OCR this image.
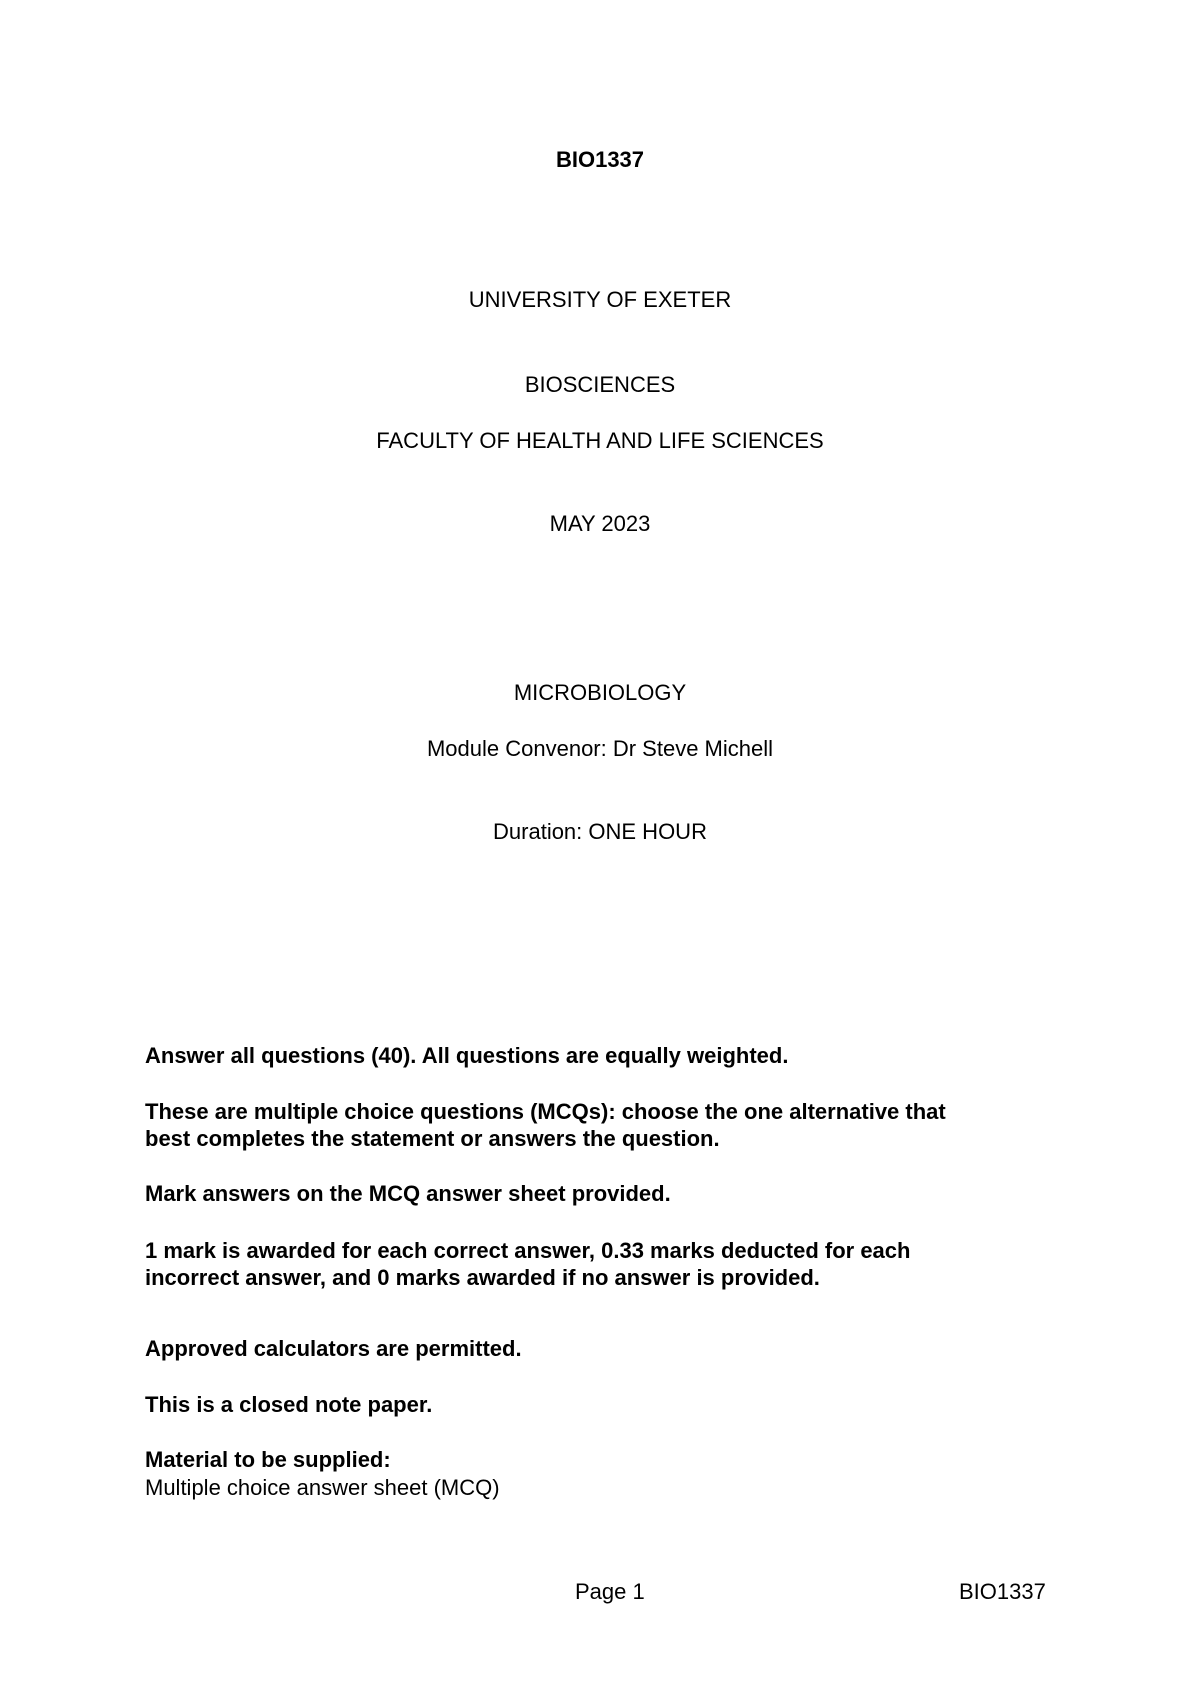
BIO1337

UNIVERSITY OF EXETER

BIOSCIENCES

FACULTY OF HEALTH AND LIFE SCIENCES

MAY 2023

MICROBIOLOGY

Module Convenor: Dr Steve Michell

Duration: ONE HOUR

Answer all questions (40). All questions are equally weighted.

These are multiple choice questions (MCQs): choose the one alternative that

best completes the statement or answers the question.

Mark answers on the MCQ answer sheet provided.

1 mark is awarded for each correct answer, 0.33 marks deducted for each

incorrect answer, and 0 marks awarded if no answer is provided.

Approved calculators are permitted.

This is a closed note paper.

Material to be supplied:

Multiple choice answer sheet (MCQ)

Page 1	BIO1337
